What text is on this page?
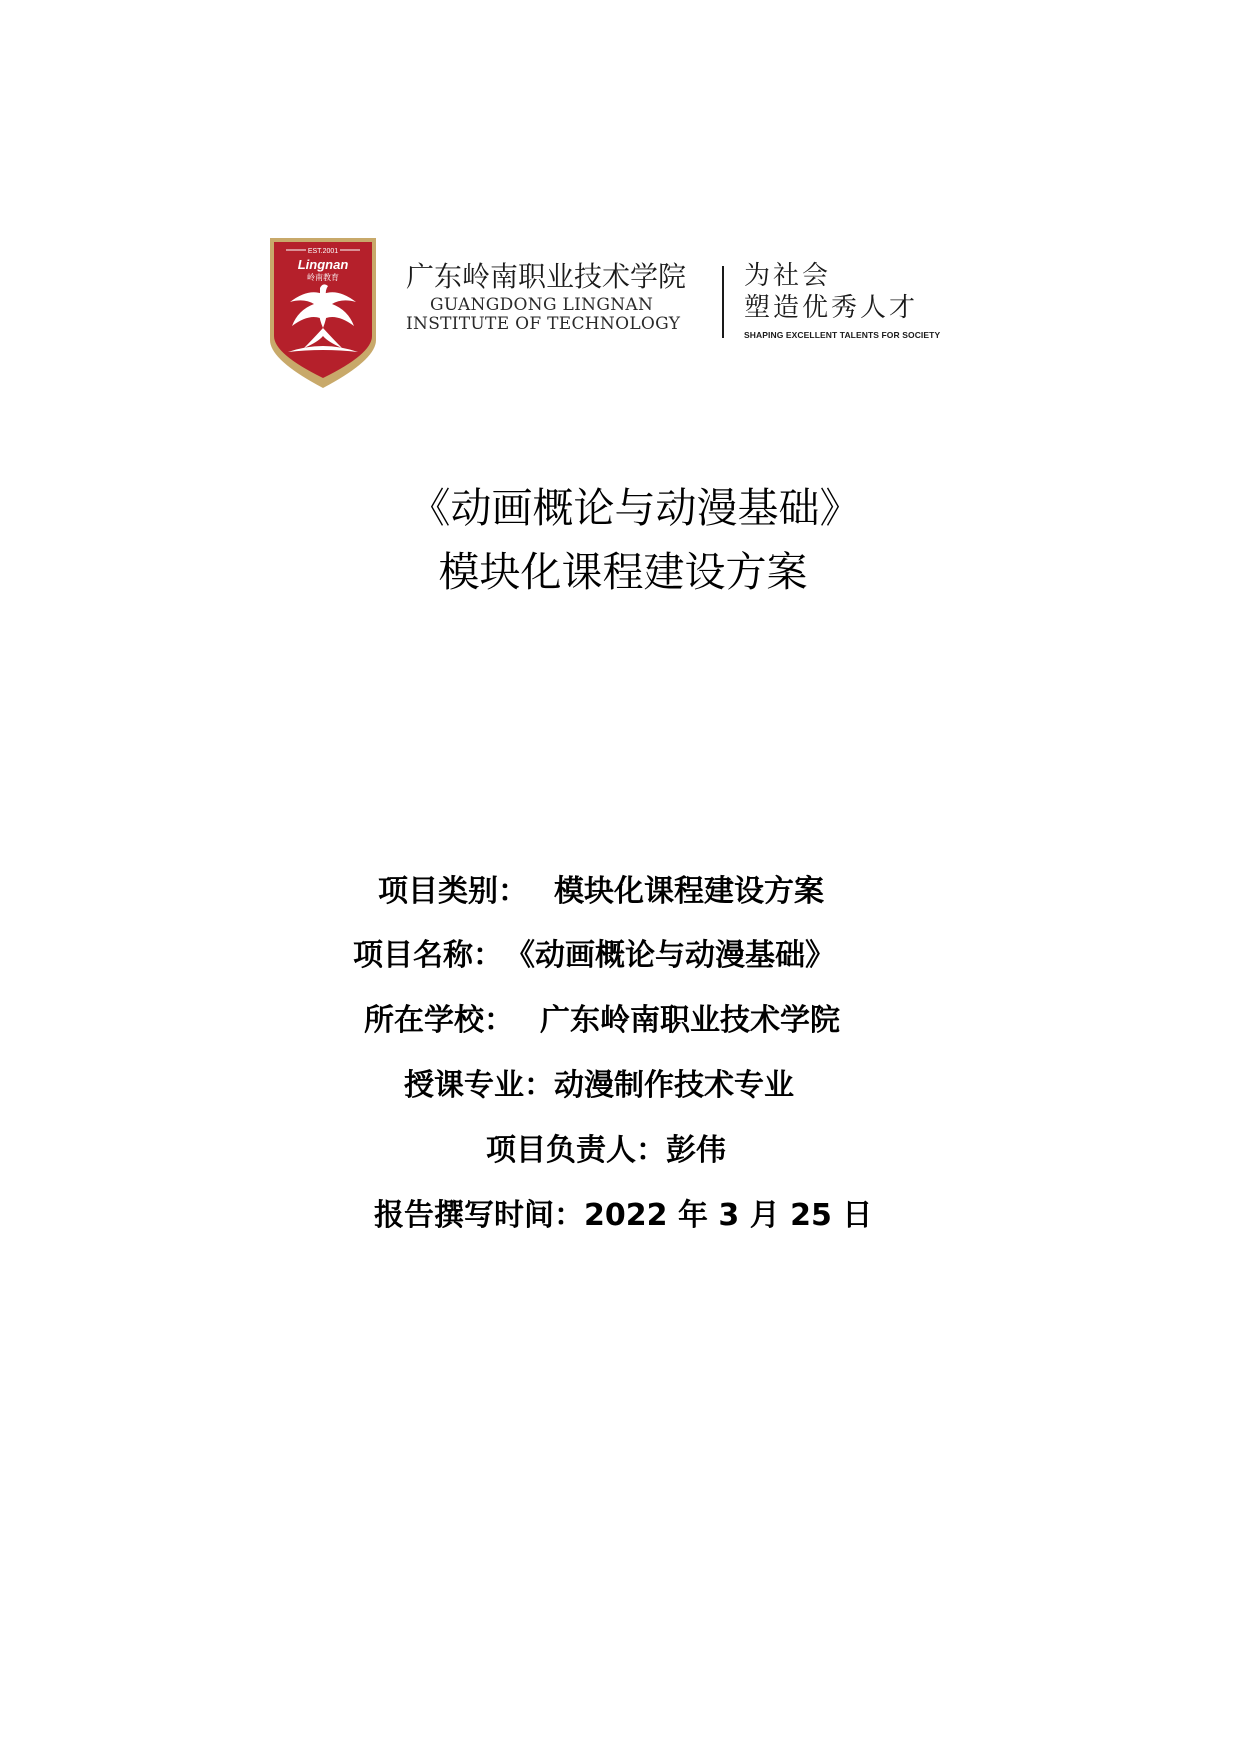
EST.2001
Lingnan
岭南教育 广东岭南职业技术学院
GUANGDONG LINGNAN
INSTITUTE OF TECHNOLOGY
为社会
塑造优秀人才
SHAPING EXCELLENT TALENTS FOR SOCIETY
《动画概论与动漫基础》
模块化课程建设方案
项目类别： 模块化课程建设方案
项目名称：《动画概论与动漫基础》
所在学校： 广东岭南职业技术学院
授课专业：动漫制作技术专业
项目负责人：彭伟
报告撰写时间：2022 年 3 月 25 日
